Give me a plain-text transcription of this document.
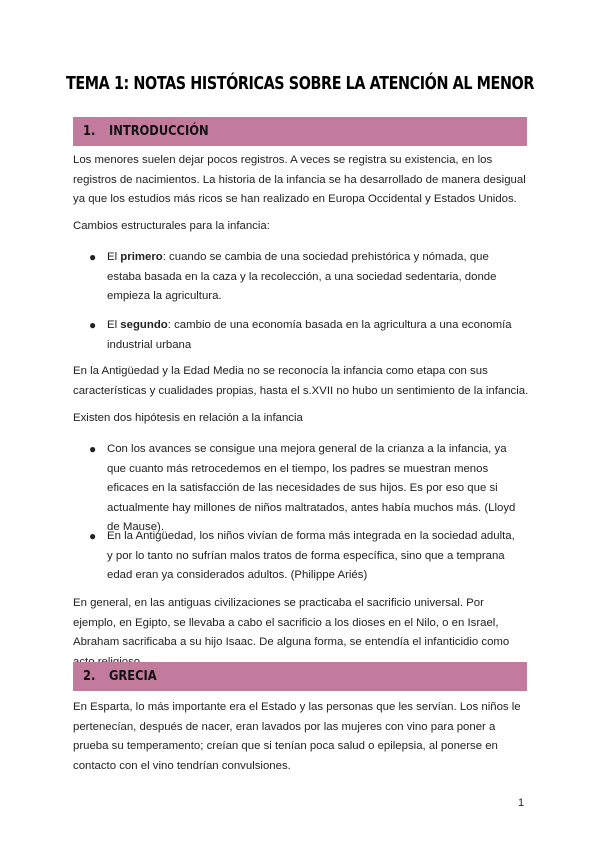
TEMA 1: NOTAS HISTÓRICAS SOBRE LA ATENCIÓN AL MENOR
1. INTRODUCCIÓN

Los menores suelen dejar pocos registros. A veces se registra su existencia, en los registros de nacimientos. La historia de la infancia se ha desarrollado de manera desigual ya que los estudios más ricos se han realizado en Europa Occidental y Estados Unidos.

Cambios estructurales para la infancia:

● El primero: cuando se cambia de una sociedad prehistórica y nómada, que estaba basada en la caza y la recolección, a una sociedad sedentaria, donde empieza la agricultura.

● El segundo: cambio de una economía basada en la agricultura a una economía industrial urbana

En la Antigüedad y la Edad Media no se reconocía la infancia como etapa con sus características y cualidades propias, hasta el s.XVII no hubo un sentimiento de la infancia.

Existen dos hipótesis en relación a la infancia

● Con los avances se consigue una mejora general de la crianza a la infancia, ya que cuanto más retrocedemos en el tiempo, los padres se muestran menos eficaces en la satisfacción de las necesidades de sus hijos. Es por eso que si actualmente hay millones de niños maltratados, antes había muchos más. (Lloyd de Mause).

● En la Antigüedad, los niños vivían de forma más integrada en la sociedad adulta, y por lo tanto no sufrían malos tratos de forma específica, sino que a temprana edad eran ya considerados adultos. (Philippe Ariés)

En general, en las antiguas civilizaciones se practicaba el sacrificio universal. Por ejemplo, en Egipto, se llevaba a cabo el sacrificio a los dioses en el Nilo, o en Israel, Abraham sacrificaba a su hijo Isaac. De alguna forma, se entendía el infanticidio como

2. GRECIA

En Esparta, lo más importante era el Estado y las personas que les servían. Los niños le pertenecían, después de nacer, eran lavados por las mujeres con vino para poner a prueba su temperamento; creían que si tenían poca salud o epilepsia, al ponerse en contacto con el vino tendrían convulsiones.

1
